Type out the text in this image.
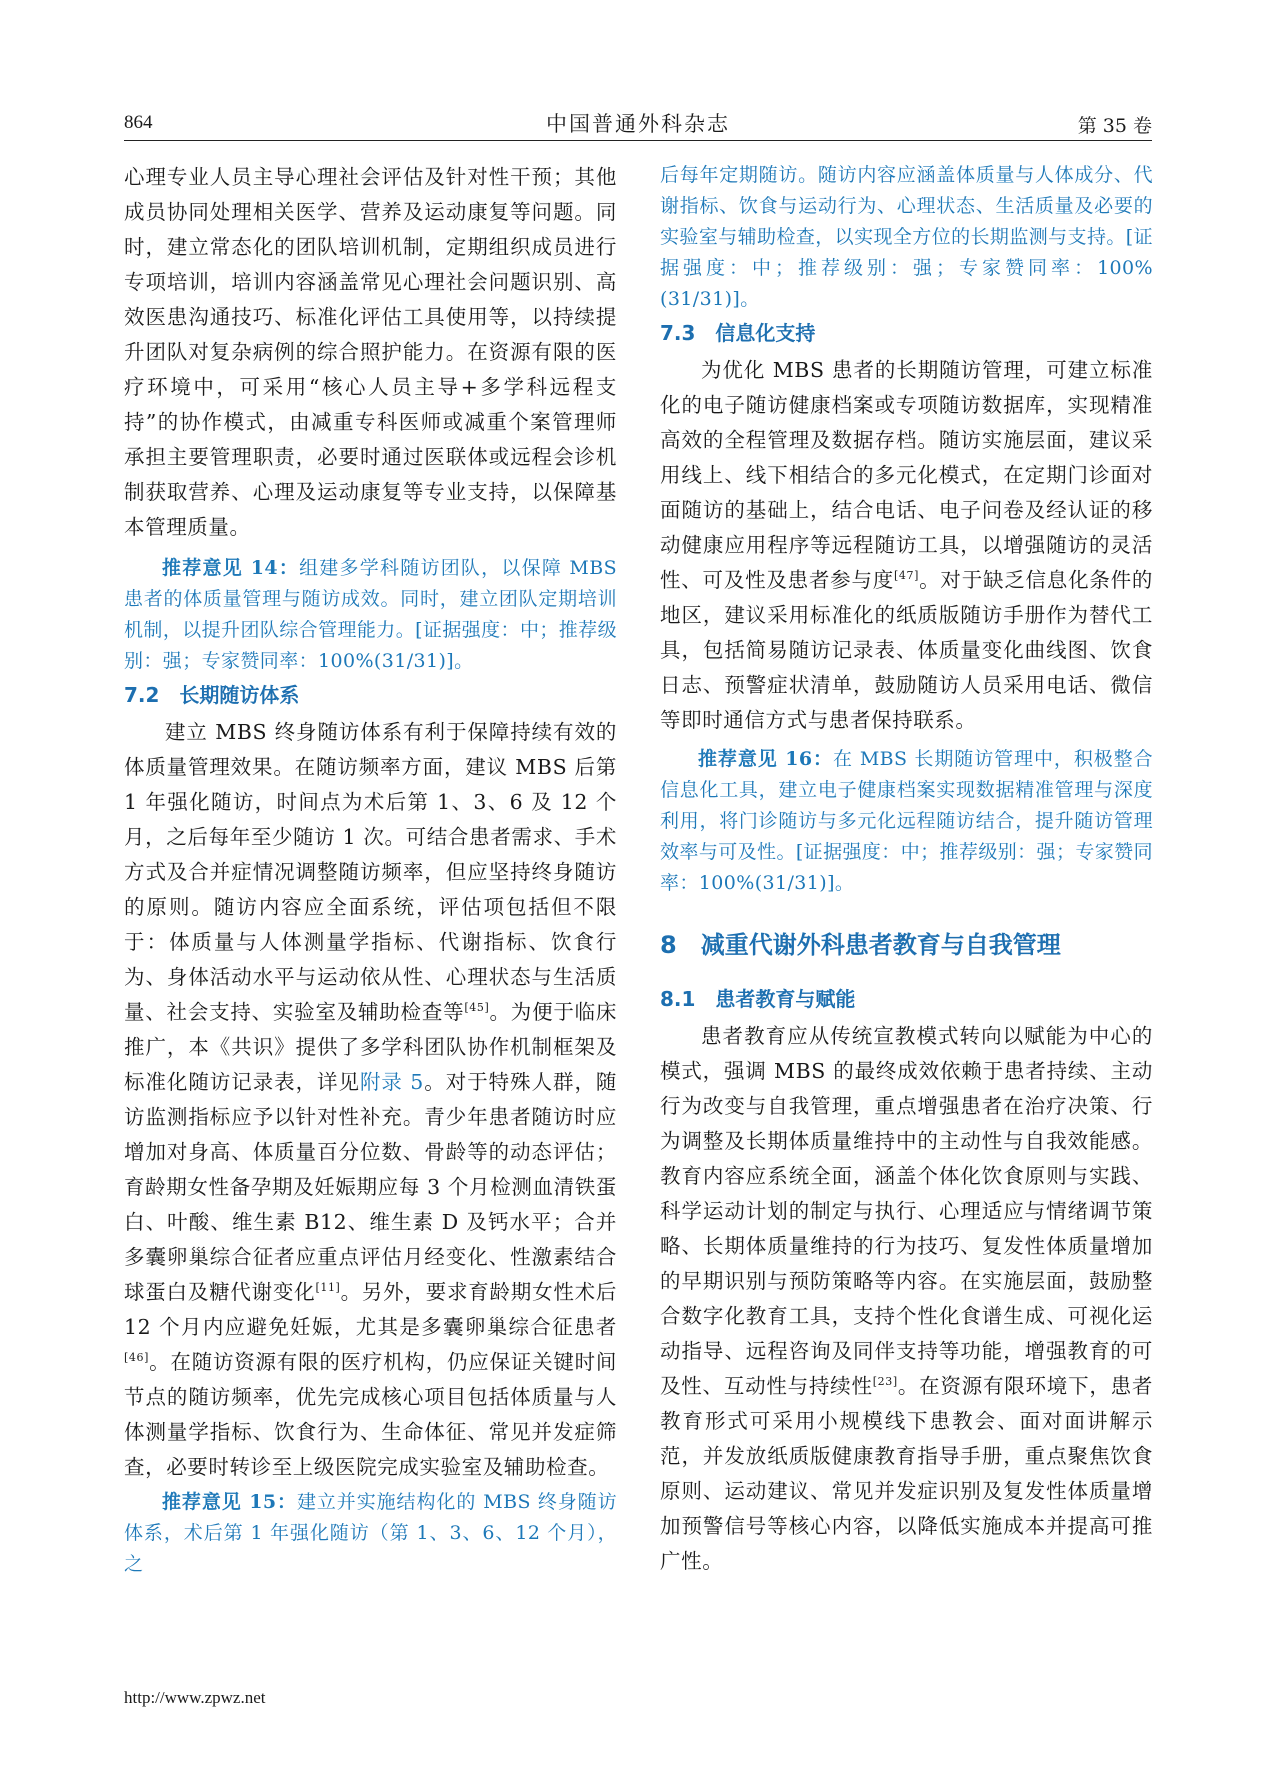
864	中国普通外科杂志	第 35 卷

心理专业人员主导心理社会评估及针对性干预；其他成员协同处理相关医学、营养及运动康复等问题。同时，建立常态化的团队培训机制，定期组织成员进行专项培训，培训内容涵盖常见心理社会问题识别、高效医患沟通技巧、标准化评估工具使用等，以持续提升团队对复杂病例的综合照护能力。在资源有限的医疗环境中，可采用“核心人员主导+多学科远程支持”的协作模式，由减重专科医师或减重个案管理师承担主要管理职责，必要时通过医联体或远程会诊机制获取营养、心理及运动康复等专业支持，以保障基本管理质量。

推荐意见 14：组建多学科随访团队，以保障 MBS 患者的体质量管理与随访成效。同时，建立团队定期培训机制，以提升团队综合管理能力。[证据强度：中；推荐级别：强；专家赞同率：100%(31/31)]。

7.2　长期随访体系

建立 MBS 终身随访体系有利于保障持续有效的体质量管理效果。在随访频率方面，建议 MBS 后第 1 年强化随访，时间点为术后第 1、3、6 及 12 个月，之后每年至少随访 1 次。可结合患者需求、手术方式及合并症情况调整随访频率，但应坚持终身随访的原则。随访内容应全面系统，评估项包括但不限于：体质量与人体测量学指标、代谢指标、饮食行为、身体活动水平与运动依从性、心理状态与生活质量、社会支持、实验室及辅助检查等[45]。为便于临床推广，本《共识》提供了多学科团队协作机制框架及标准化随访记录表，详见附录 5。对于特殊人群，随访监测指标应予以针对性补充。青少年患者随访时应增加对身高、体质量百分位数、骨龄等的动态评估；育龄期女性备孕期及妊娠期应每 3 个月检测血清铁蛋白、叶酸、维生素 B12、维生素 D 及钙水平；合并多囊卵巢综合征者应重点评估月经变化、性激素结合球蛋白及糖代谢变化[11]。另外，要求育龄期女性术后 12 个月内应避免妊娠，尤其是多囊卵巢综合征患者[46]。在随访资源有限的医疗机构，仍应保证关键时间节点的随访频率，优先完成核心项目包括体质量与人体测量学指标、饮食行为、生命体征、常见并发症筛查，必要时转诊至上级医院完成实验室及辅助检查。

推荐意见 15：建立并实施结构化的 MBS 终身随访体系，术后第 1 年强化随访（第 1、3、6、12 个月），之

后每年定期随访。随访内容应涵盖体质量与人体成分、代谢指标、饮食与运动行为、心理状态、生活质量及必要的实验室与辅助检查，以实现全方位的长期监测与支持。[证据强度：中；推荐级别：强；专家赞同率：100%(31/31)]。

7.3　信息化支持

为优化 MBS 患者的长期随访管理，可建立标准化的电子随访健康档案或专项随访数据库，实现精准高效的全程管理及数据存档。随访实施层面，建议采用线上、线下相结合的多元化模式，在定期门诊面对面随访的基础上，结合电话、电子问卷及经认证的移动健康应用程序等远程随访工具，以增强随访的灵活性、可及性及患者参与度[47]。对于缺乏信息化条件的地区，建议采用标准化的纸质版随访手册作为替代工具，包括简易随访记录表、体质量变化曲线图、饮食日志、预警症状清单，鼓励随访人员采用电话、微信等即时通信方式与患者保持联系。

推荐意见 16：在 MBS 长期随访管理中，积极整合信息化工具，建立电子健康档案实现数据精准管理与深度利用，将门诊随访与多元化远程随访结合，提升随访管理效率与可及性。[证据强度：中；推荐级别：强；专家赞同率：100%(31/31)]。

8　减重代谢外科患者教育与自我管理
8.1　患者教育与赋能

患者教育应从传统宣教模式转向以赋能为中心的模式，强调 MBS 的最终成效依赖于患者持续、主动行为改变与自我管理，重点增强患者在治疗决策、行为调整及长期体质量维持中的主动性与自我效能感。教育内容应系统全面，涵盖个体化饮食原则与实践、科学运动计划的制定与执行、心理适应与情绪调节策略、长期体质量维持的行为技巧、复发性体质量增加的早期识别与预防策略等内容。在实施层面，鼓励整合数字化教育工具，支持个性化食谱生成、可视化运动指导、远程咨询及同伴支持等功能，增强教育的可及性、互动性与持续性[23]。在资源有限环境下，患者教育形式可采用小规模线下患教会、面对面讲解示范，并发放纸质版健康教育指导手册，重点聚焦饮食原则、运动建议、常见并发症识别及复发性体质量增加预警信号等核心内容，以降低实施成本并提高可推广性。

http://www.zpwz.net
